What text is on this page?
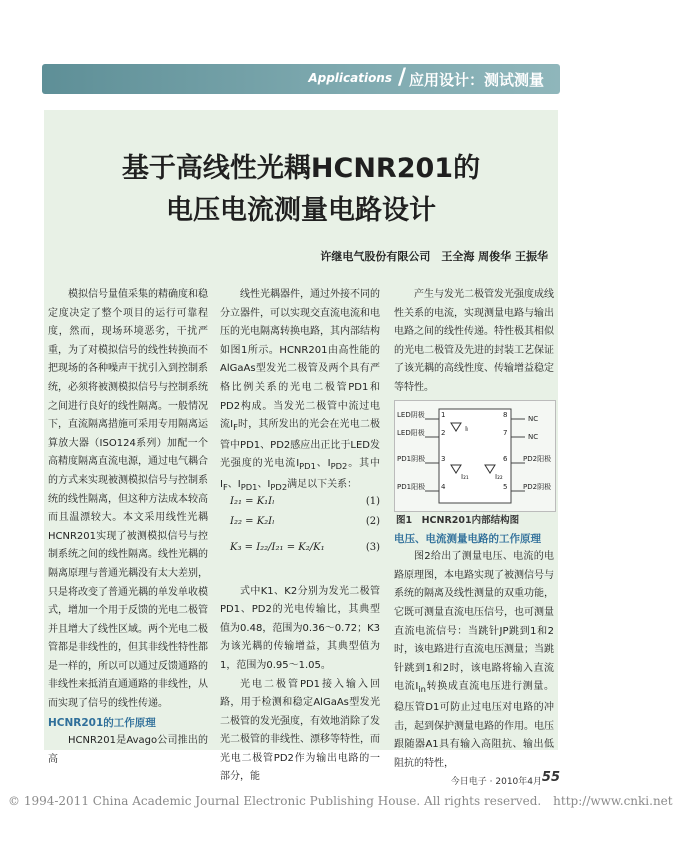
Applications / 应用设计：测试测量
基于高线性光耦HCNR201的
电压电流测量电路设计
许继电气股份有限公司　王全海 周俊华 王振华

模拟信号量值采集的精确度和稳定度决定了整个项目的运行可靠程度，然而，现场环境恶劣，干扰严重，为了对模拟信号的线性转换而不把现场的各种噪声干扰引入到控制系统，必须将被测模拟信号与控制系统之间进行良好的线性隔离。一般情况下，直流隔离措施可采用专用隔离运算放大器（ISO124系列）加配一个高精度隔离直流电源，通过电气耦合的方式来实现被测模拟信号与控制系统的线性隔离，但这种方法成本较高而且温漂较大。本文采用线性光耦HCNR201实现了被测模拟信号与控制系统之间的线性隔离。线性光耦的隔离原理与普通光耦没有太大差别，只是将改变了普通光耦的单发单收模式，增加一个用于反馈的光电二极管并且增大了线性区域。两个光电二极管都是非线性的，但其非线性特性都是一样的，所以可以通过反馈通路的非线性来抵消直通通路的非线性，从而实现了信号的线性传递。

HCNR201的工作原理

HCNR201是Avago公司推出的高

线性光耦器件，通过外接不同的分立器件，可以实现交直流电流和电压的光电隔离转换电路，其内部结构如图1所示。HCNR201由高性能的AlGaAs型发光二极管及两个具有严格比例关系的光电二极管PD1和PD2构成。当发光二极管中流过电流$I_F$时，其所发出的光会在光电二极管中PD1、PD2感应出正比于LED发光强度的光电流$I_{PD1}$、$I_{PD2}$。其中$I_F$、$I_{PD1}$、$I_{PD2}$满足以下关系：

式中K1、K2分别为发光二极管PD1、PD2的光电传输比，其典型值为0.48，范围为0.36～0.72；K3为该光耦的传输增益，其典型值为1，范围为0.95～1.05。

光电二极管PD1接入输入回路，用于检测和稳定AlGaAs型发光二极管的发光强度，有效地消除了发光二极管的非线性、漂移等特性，而光电二极管PD2作为输出电路的一部分，能

I₂₁ = K₁Iₗ	(1)
I₂₂ = K₂Iₗ	(2)
K₃ = I₂₂/I₂₁ = K₂/K₁	(3)

产生与发光二极管发光强度成线性关系的电流，实现测量电路与输出电路之间的线性传递。特性极其相似的光电二极管及先进的封装工艺保证了该光耦的高线性度、传输增益稳定等特性。

电压、电流测量电路的工作原理

图2给出了测量电压、电流的电路原理图，本电路实现了被测信号与系统的隔离及线性测量的双重功能，它既可测量直流电压信号，也可测量直流电流信号：当跳针JP跳到1和2时，该电路进行直流电压测量；当跳针跳到1和2时，该电路将输入直流电流$I_{in}$转换成直流电压进行测量。稳压管D1可防止过电压对电路的冲击，起到保护测量电路的作用。电压跟随器A1具有输入高阻抗、输出低阻抗的特性，

LED阴极
LED阳极
PD1阴极
PD1阳极
NC
NC
PD2阳极
PD2阴极
1
2
3
4	5
6
7
8
Iₗ
I₂₁	I₂₂
图1　HCNR201内部结构图
今日电子 · 2010年4月 55
© 1994-2011 China Academic Journal Electronic Publishing House. All rights reserved.　http://www.cnki.net
